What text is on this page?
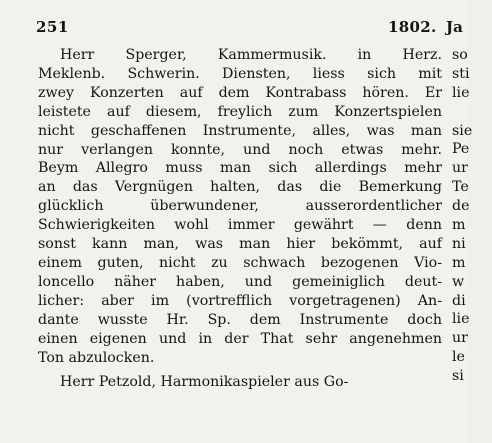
251	1802. Ja
Herr Sperger, Kammermusik. in Herz.
Meklenb. Schwerin. Diensten, liess sich mit
zwey Konzerten auf dem Kontrabass hören. Er
leistete auf diesem, freylich zum Konzertspielen
nicht geschaffenen Instrumente, alles, was man
nur verlangen konnte, und noch etwas mehr.
Beym Allegro muss man sich allerdings mehr
an das Vergnügen halten, das die Bemerkung
glücklich überwundener, ausserordentlicher
Schwierigkeiten wohl immer gewährt — denn
sonst kann man, was man hier bekömmt, auf
einem guten, nicht zu schwach bezogenen Vio-
loncello näher haben, und gemeiniglich deut-
licher: aber im (vortrefflich vorgetragenen) An-
dante wusste Hr. Sp. dem Instrumente doch
einen eigenen und in der That sehr angenehmen
Ton abzulocken.
Herr Petzold, Harmonikaspieler aus Go-
so
sti
lie
sie
Pe
ur
Te
de
m
ni
m
w
di
lie
ur
le
si
